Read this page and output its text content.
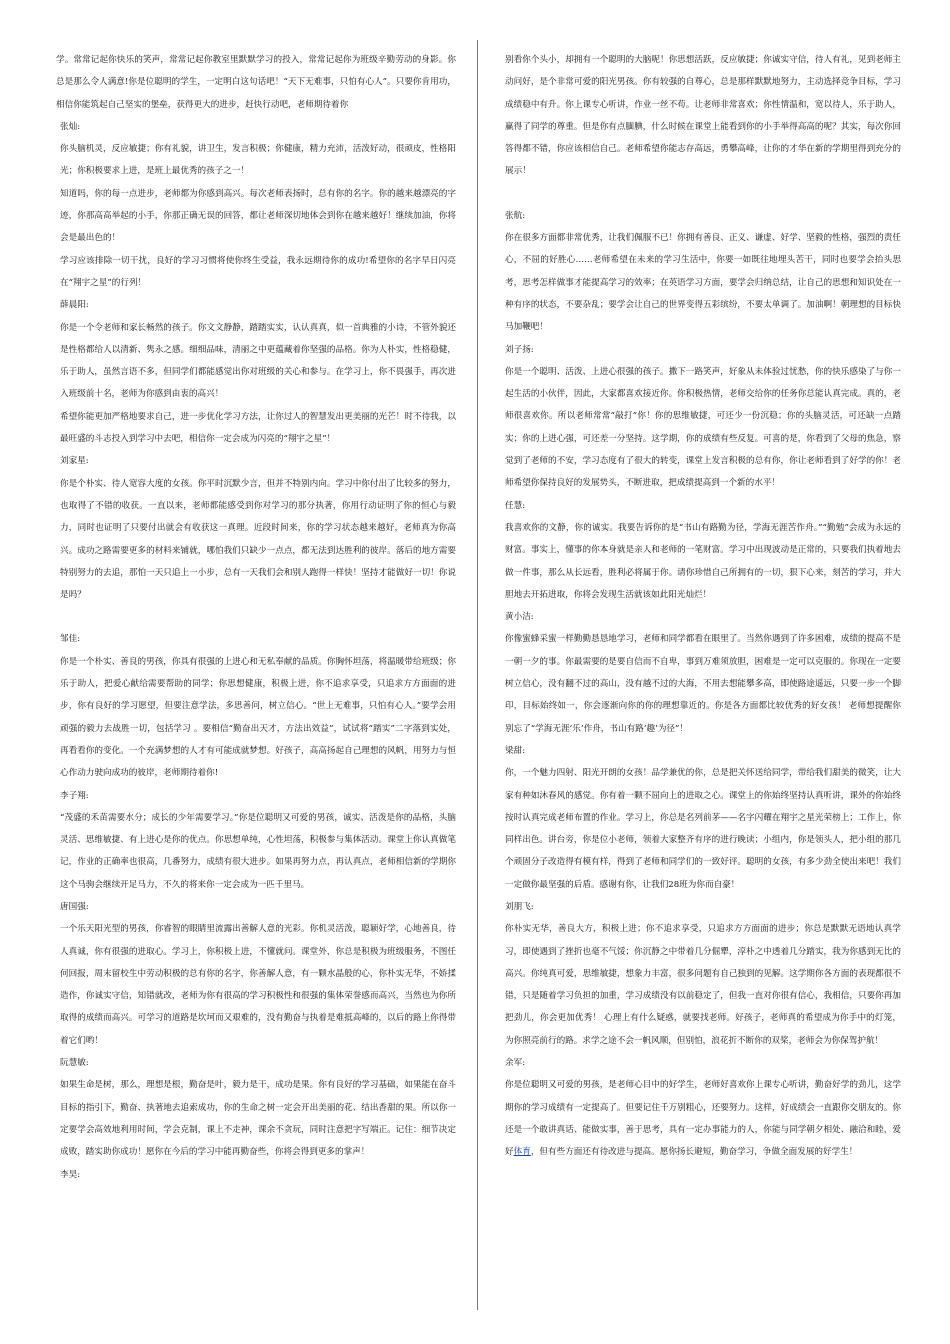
学。常常记起你快乐的笑声，常常记起你教室里默默学习的投入，常常记起你为班级辛勤劳动的身影。你总是那么令人满意!你是位聪明的学生，一定明白这句话吧！“天下无难事，只怕有心人”。只要你肯用功，相信你能筑起自己坚实的堡垒，获得更大的进步，赶快行动吧，老师期待着你

张灿:

你头脑机灵，反应敏捷；你有礼貌，讲卫生，发言积极；你健康，精力充沛，活泼好动，很顽皮，性格阳光；你积极要求上进，是班上最优秀的孩子之一！

知道吗，你的每一点进步，老师都为你感到高兴。每次老师表扬时，总有你的名字。你的越来越漂亮的字迹，你那高高举起的小手，你那正确无误的回答，都让老师深切地体会到你在越来越好！继续加油，你将会是最出色的！

学习应该排除一切干扰，良好的学习习惯将使你终生受益，我永远期待你的成功!希望你的名字早日闪亮在“翔宇之星”的行列！

薛晨阳:

你是一个令老师和家长畅然的孩子。你文文静静，踏踏实实，认认真真，似一首典雅的小诗，不管外貌还是性格都给人以清新、隽永之感。细细品味，清丽之中更蕴藏着你坚强的品格。你为人朴实，性格稳健，乐于助人，虽然言语不多，但同学们都能感觉出你对班级的关心和参与。在学习上，你不畏强手，再次进入班级前十名，老师为你感到由衷的高兴！

希望你能更加严格地要求自己，进一步优化学习方法，让你过人的智慧发出更美丽的光芒！时不待我，以最旺盛的斗志投入到学习中去吧，相信你一定会成为闪亮的“翔宇之星”！

刘家星:

你是个朴实、待人宽容大度的女孩。你平时沉默少言，但并不特别内向。学习中你付出了比较多的努力，也取得了不错的收获。一直以来，老师都能感受到你对学习的那分执著，你用行动证明了你的恒心与毅力，同时也证明了只要付出就会有收获这一真理。近段时间来，你的学习状态越来越好，老师真为你高兴。成功之路需要更多的材料来铺就，哪怕我们只缺少一点点，都无法到达胜利的彼岸。落后的地方需要特别努力的去追，那怕一天只追上一小步，总有一天我们会和别人跑得一样快！坚持才能做好一切！你说是吗？

邹佳:

你是一个朴实、善良的男孩，你具有很强的上进心和无私奉献的品质。你胸怀坦荡，将温暖带给班级；你乐于助人，把爱心献给需要帮助的同学；你思想健康，积极上进，你不追求享受，只追求方方面面的进步，你有良好的学习愿望，但要注意学法，多思善问，树立信心。“世上无难事，只怕有心人。”要学会用顽强的毅力去战胜一切，包括学习 。要相信“勤奋出天才，方法出效益”，试试将“踏实”二字落到实处，再看看你的变化。一个充满梦想的人才有可能成就梦想。好孩子，高高扬起自己理想的风帆，用努力与恒心作动力驶向成功的彼岸，老师期待着你!

李子翔:

“茂盛的禾苗需要水分；成长的少年需要学习。”你是位聪明又可爱的男孩，诚实、活泼是你的品格，头脑灵活、思维敏捷、有上进心是你的优点。你思想单纯，心性坦荡，积极参与集体活动。课堂上你认真做笔记，作业的正确率也很高，几番努力，成绩有很大进步。如果再努力点，再认真点，老师相信新的学期你这个马驹会继续开足马力，不久的将来你一定会成为一匹千里马。

唐国强:

一个乐天阳光型的男孩，你睿智的眼睛里流露出善解人意的光彩。你机灵活泼，聪颖好学，心地善良，待人真诚，你有很强的进取心。学习上，你积极上进，不懂就问。课堂外，你总是积极为班级服务，不图任何回报，周末留校生中劳动积极的总有你的名字，你善解人意，有一颗水晶般的心，你朴实无华，不娇揉造作，你诚实守信，知错就改，老师为你有很高的学习积极性和很强的集体荣誉感而高兴，当然也为你所取得的成绩而高兴。可学习的道路是坎坷而又艰难的，没有勤奋与执着是难抵高峰的，以后的路上你得带着它们哟！

阮慧敏:

如果生命是树，那么，理想是根，勤奋是叶，毅力是干，成功是果。你有良好的学习基础，如果能在奋斗目标的指引下，勤奋、执著地去追索成功，你的生命之树一定会开出美丽的花、结出香甜的果。所以你一定要学会高效地利用时间，学会克制，课上不走神，课余不贪玩，同时注意把字写端正。记住：细节决定成败，踏实助你成功！愿你在今后的学习中能再勤奋些，你将会得到更多的掌声！

李昊:

别看你个头小，却拥有一个聪明的大脑呢！你思想活跃，反应敏捷；你诚实守信，待人有礼，见到老师主动问好，是个非常可爱的阳光男孩。你有较强的自尊心，总是那样默默地努力，主动选择竞争目标，学习成绩稳中有升。你上课专心听讲，作业一丝不苟。让老师非常喜欢；你性情温和，宽以待人，乐于助人，赢得了同学的尊重。但是你有点腼腆，什么时候在课堂上能看到你的小手举得高高的呢？其实，每次你回答得都不错，你应该相信自己。老师希望你能志存高远，勇攀高峰，让你的才华在新的学期里得到充分的展示！

张航:

你在很多方面都非常优秀，让我们佩服不已！你拥有善良、正义、谦虚、好学、坚毅的性格，强烈的责任心，不屈的好胜心……老师希望在未来的学习生活中，你要一如既往地埋头苦干，同时也要学会抬头思考，思考怎样做事才能提高学习的效率；在英语学习方面，要学会归纳总结，让自己的思想和知识处在一种有序的状态，不要杂乱；要学会让自己的世界变得五彩缤纷，不要太单调了。加油啊！朝理想的目标快马加鞭吧！

刘子扬:

你是一个聪明、活泼、上进心很强的孩子。撒下一路笑声，好象从未体验过忧愁，你的快乐感染了与你一起生活的小伙伴，因此，大家都喜欢接近你。你积极热情，老师交给你的任务你总能认真完成。真的，老师很喜欢你。所以老师常常“敲打”你！你的思维敏捷，可还少一份沉稳；你的头脑灵活，可还缺一点踏实；你的上进心强，可还差一分坚持。这学期，你的成绩有些反复。可喜的是，你看到了父母的焦急，察觉到了老师的不安，学习态度有了很大的转变，课堂上发言积极的总有你，你让老师看到了好学的你！老师希望你保持良好的发展势头，不断进取，把成绩提高到一个新的水平！

任慧:

我喜欢你的文静，你的诚实。我要告诉你的是“书山有路勤为径，学海无涯苦作舟。”“勤勉”会成为永远的财富。事实上，懂事的你本身就是亲人和老师的一笔财富。学习中出现波动是正常的，只要我们执着地去做一件事，那么从长远看，胜利必将属于你。请你珍惜自己所拥有的一切，狠下心来，刻苦的学习，并大胆地去开拓进取，你将会发现生活就该如此阳光灿烂！

黄小洁:

你像蜜蜂采蜜一样勤勤恳恳地学习，老师和同学都看在眼里了。当然你遇到了许多困难，成绩的提高不是一朝一夕的事。你最需要的是要自信而不自卑，事到万难须放胆，困难是一定可以克服的。你现在一定要树立信心，没有翻不过的高山，没有越不过的大海，不用去想能攀多高，即使路途遥远，只要一步一个脚印，目标始终如一，你会逐渐向你的你的理想靠近的。你是各方面都比较优秀的好女孩！ 老师想提醒你别忘了“学海无涯‘乐’作舟，书山有路‘趣’为径”！

梁甜:

你，一个魅力四射、阳光开朗的女孩！品学兼优的你，总是把关怀送给同学，带给我们甜美的微笑，让大家有种如沐春风的感觉。你有着一颗不屈向上的进取之心。课堂上的你始终坚持认真听讲，课外的你始终按时认真完成老师布置的作业。学习上，你总是名列前茅——名字闪耀在翔宇之星光荣榜上；工作上，你同样出色。讲台旁，你是位小老师，领着大家整齐有序的进行晚读；小组内，你是领头人，把小组的那几个顽固分子改造得有模有样，得到了老师和同学们的一致好评。聪明的女孩，有多少劲全使出来吧！我们一定做你最坚强的后盾。感谢有你，让我们28班为你而自豪！

刘朋飞:

你朴实无华，善良大方，积极上进；你不追求享受，只追求方方面面的进步；你总是默默无语地认真学习，即使遇到了挫折也毫不气馁；你沉静之中带着几分倔犟，淳朴之中透着几分踏实，我为你感到无比的高兴。你纯真可爱，思维敏捷，想象力丰富，很多问题有自己独到的见解。这学期你各方面的表现都很不错，只是随着学习负担的加重，学习成绩没有以前稳定了，但我一直对你很有信心，我相信，只要你再加把劲儿，你会更加优秀！ 心理上有什么疑惑，就要找老师。好孩子，老师真的希望成为你手中的灯笼，为你照亮前行的路。求学之途不会一帆风顺，但别怕，浪花折不断你的双桨，老师会为你保驾护航！

余军:

你是位聪明又可爱的男孩，是老师心目中的好学生，老师好喜欢你上课专心听讲，勤奋好学的劲儿，这学期你的学习成绩有一定提高了。但要记住千万别粗心，还要努力。这样，好成绩会一直跟你交朋友的。你还是一个敢讲真话、能做实事，善于思考，具有一定办事能力的人，你能与同学朝夕相处、融洽和睦，爱好体育，但有些方面还有待改进与提高。愿你扬长避短，勤奋学习，争做全面发展的好学生！
